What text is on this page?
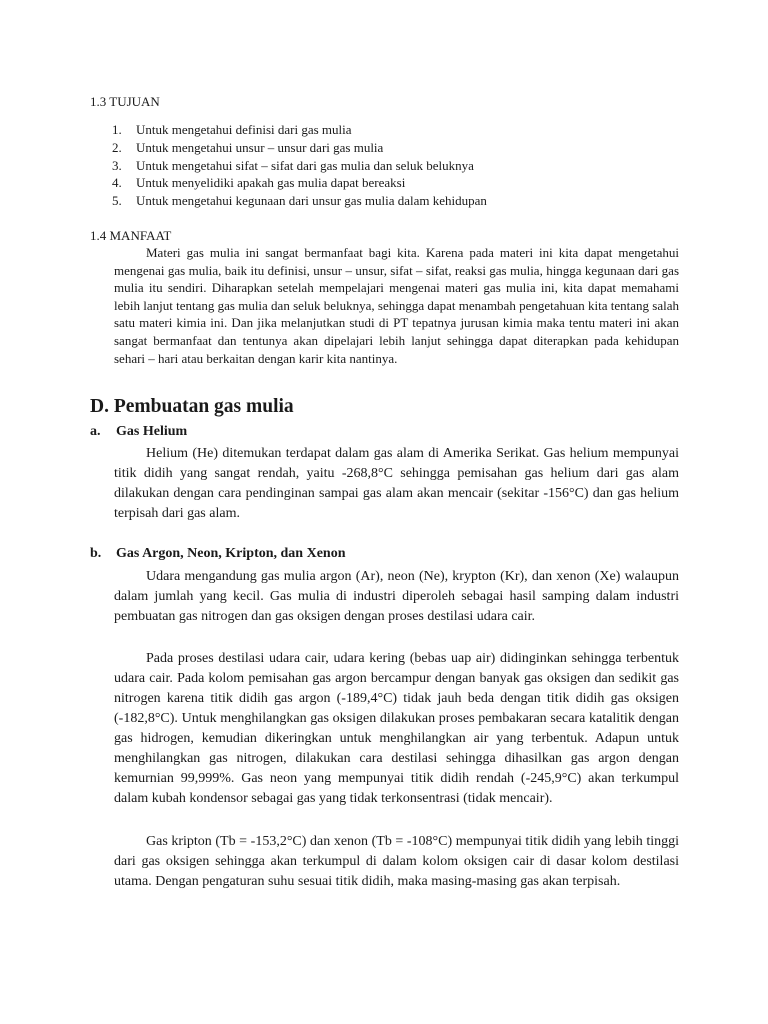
1.3 TUJUAN
1. Untuk mengetahui definisi dari gas mulia
2. Untuk mengetahui unsur – unsur dari gas mulia
3. Untuk mengetahui sifat – sifat dari gas mulia dan seluk beluknya
4. Untuk menyelidiki apakah gas mulia dapat bereaksi
5. Untuk mengetahui kegunaan dari unsur gas mulia dalam kehidupan
1.4 MANFAAT

Materi gas mulia ini sangat bermanfaat bagi kita. Karena pada materi ini kita dapat mengetahui mengenai gas mulia, baik itu definisi, unsur – unsur, sifat – sifat, reaksi gas mulia, hingga kegunaan dari gas mulia itu sendiri. Diharapkan setelah mempelajari mengenai materi gas mulia ini, kita dapat memahami lebih lanjut tentang gas mulia dan seluk beluknya, sehingga dapat menambah pengetahuan kita tentang salah satu materi kimia ini. Dan jika melanjutkan studi di PT tepatnya jurusan kimia maka tentu materi ini akan sangat bermanfaat dan tentunya akan dipelajari lebih lanjut sehingga dapat diterapkan pada kehidupan sehari – hari atau berkaitan dengan karir kita nantinya.

D. Pembuatan gas mulia
a. Gas Helium

Helium (He) ditemukan terdapat dalam gas alam di Amerika Serikat. Gas helium mempunyai titik didih yang sangat rendah, yaitu -268,8°C sehingga pemisahan gas helium dari gas alam dilakukan dengan cara pendinginan sampai gas alam akan mencair (sekitar -156°C) dan gas helium terpisah dari gas alam.

b. Gas Argon, Neon, Kripton, dan Xenon

Udara mengandung gas mulia argon (Ar), neon (Ne), krypton (Kr), dan xenon (Xe) walaupun dalam jumlah yang kecil. Gas mulia di industri diperoleh sebagai hasil samping dalam industri pembuatan gas nitrogen dan gas oksigen dengan proses destilasi udara cair.

Pada proses destilasi udara cair, udara kering (bebas uap air) didinginkan sehingga terbentuk udara cair. Pada kolom pemisahan gas argon bercampur dengan banyak gas oksigen dan sedikit gas nitrogen karena titik didih gas argon (-189,4°C) tidak jauh beda dengan titik didih gas oksigen (-182,8°C). Untuk menghilangkan gas oksigen dilakukan proses pembakaran secara katalitik dengan gas hidrogen, kemudian dikeringkan untuk menghilangkan air yang terbentuk. Adapun untuk menghilangkan gas nitrogen, dilakukan cara destilasi sehingga dihasilkan gas argon dengan kemurnian 99,999%. Gas neon yang mempunyai titik didih rendah (-245,9°C) akan terkumpul dalam kubah kondensor sebagai gas yang tidak terkonsentrasi (tidak mencair).

Gas kripton (Tb = -153,2°C) dan xenon (Tb = -108°C) mempunyai titik didih yang lebih tinggi dari gas oksigen sehingga akan terkumpul di dalam kolom oksigen cair di dasar kolom destilasi utama. Dengan pengaturan suhu sesuai titik didih, maka masing-masing gas akan terpisah.
